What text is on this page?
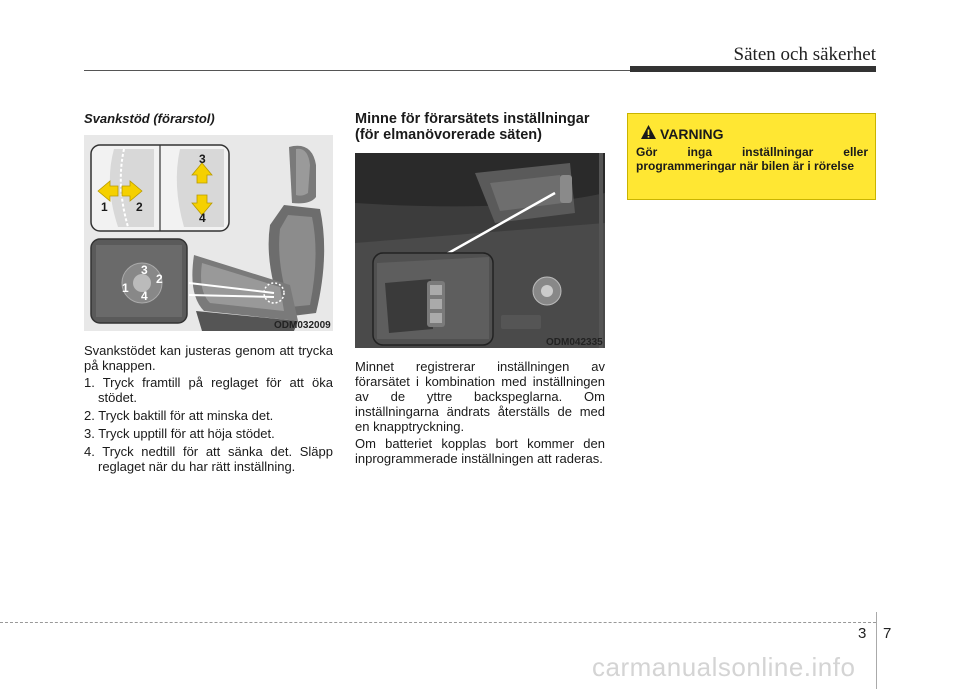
Säten och säkerhet
Svankstöd (förarstol)
1 2
3
4
1
2
3
4
ODM032009
Svankstödet kan justeras genom att trycka på knappen.
1. Tryck framtill på reglaget för att öka stödet.
2. Tryck baktill för att minska det.
3. Tryck upptill för att höja stödet.
4. Tryck nedtill för att sänka det. Släpp reglaget när du har rätt inställning.
Minne för förarsätets inställningar (för elmanövorerade säten)
ODM042335
Minnet registrerar inställningen av förarsätet i kombination med inställningen av de yttre backspeglarna. Om inställningarna ändrats återställs de med en knapptryckning.
Om batteriet kopplas bort kommer den inprogrammerade inställningen att raderas.
VARNING
Gör inga inställningar eller programmeringar när bilen är i rörelse
3 7
carmanualsonline.info
